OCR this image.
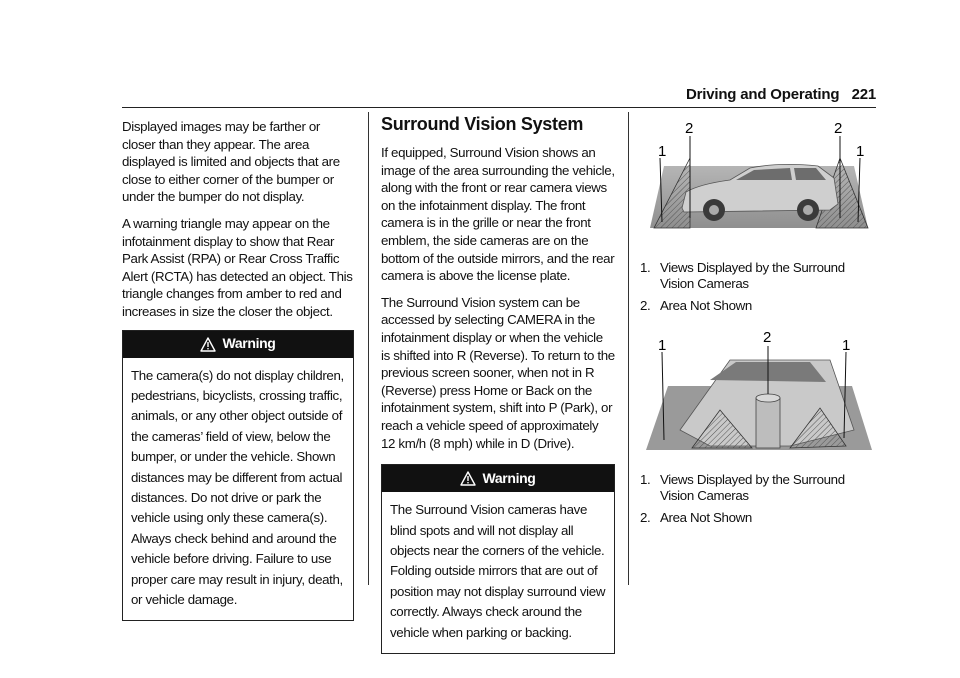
Driving and Operating 221

Displayed images may be farther or closer than they appear. The area displayed is limited and objects that are close to either corner of the bumper or under the bumper do not display.

A warning triangle may appear on the infotainment display to show that Rear Park Assist (RPA) or Rear Cross Traffic Alert (RCTA) has detected an object. This triangle changes from amber to red and increases in size the closer the object.

Warning
The camera(s) do not display children, pedestrians, bicyclists, crossing traffic, animals, or any other object outside of the cameras’ field of view, below the bumper, or under the vehicle. Shown distances may be different from actual distances. Do not drive or park the vehicle using only these camera(s). Always check behind and around the vehicle before driving. Failure to use proper care may result in injury, death, or vehicle damage.
Surround Vision System

If equipped, Surround Vision shows an image of the area surrounding the vehicle, along with the front or rear camera views on the infotainment display. The front camera is in the grille or near the front emblem, the side cameras are on the bottom of the outside mirrors, and the rear camera is above the license plate.

The Surround Vision system can be accessed by selecting CAMERA in the infotainment display or when the vehicle is shifted into R (Reverse). To return to the previous screen sooner, when not in R (Reverse) press Home or Back on the infotainment system, shift into P (Park), or reach a vehicle speed of approximately 12 km/h (8 mph) while in D (Drive).

Warning
The Surround Vision cameras have blind spots and will not display all objects near the corners of the vehicle. Folding outside mirrors that are out of position may not display surround view correctly. Always check around the vehicle when parking or backing.
1
2	2
1
1. Views Displayed by the Surround Vision Cameras
2. Area Not Shown
2
1	1
1. Views Displayed by the Surround Vision Cameras
2. Area Not Shown
